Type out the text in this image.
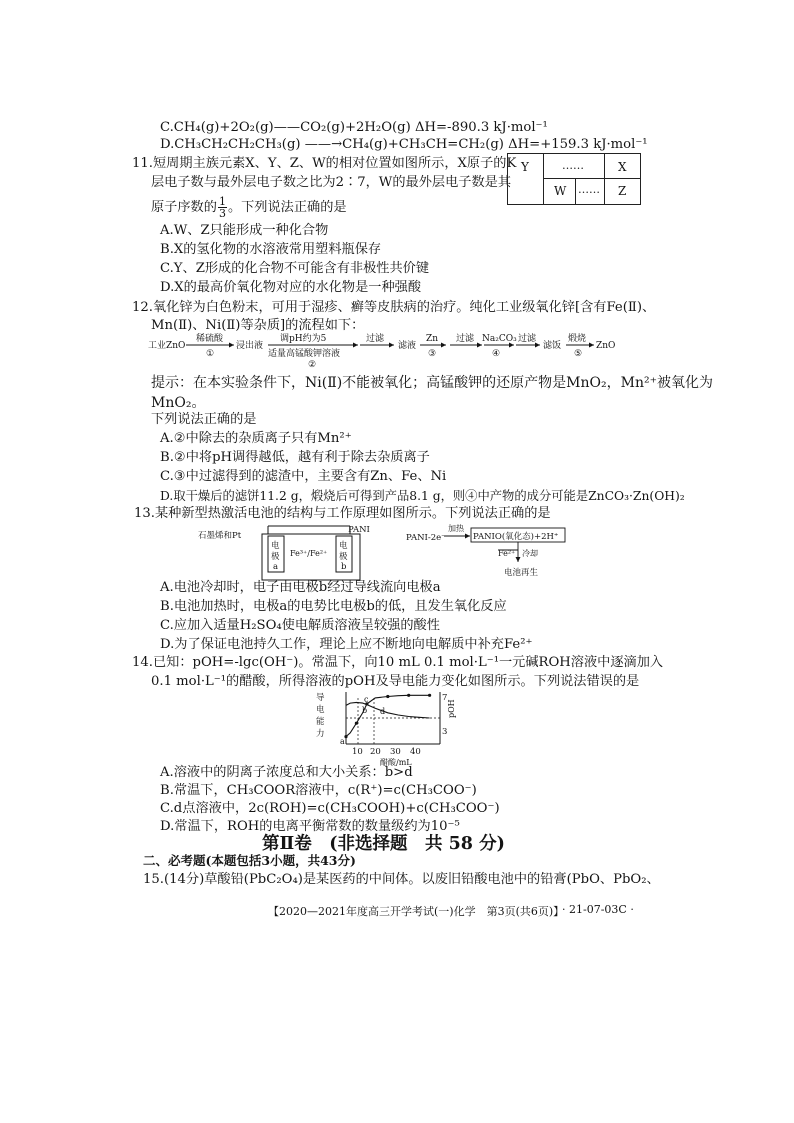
C.CH₄(g)+2O₂(g)——CO₂(g)+2H₂O(g) ΔH=-890.3 kJ·mol⁻¹
D.CH₃CH₂CH₂CH₃(g) ——→CH₄(g)+CH₃CH=CH₂(g) ΔH=+159.3 kJ·mol⁻¹
11.短周期主族元素X、Y、Z、W的相对位置如图所示，X原子的K
层电子数与最外层电子数之比为2∶7，W的最外层电子数是其
原子序数的 $\frac{1}{3}$ 。下列说法正确的是
Y	……	X
W …… Z
A.W、Z只能形成一种化合物
B.X的氢化物的水溶液常用塑料瓶保存
C.Y、Z形成的化合物不可能含有非极性共价键
D.X的最高价氧化物对应的水化物是一种强酸
12.氧化锌为白色粉末，可用于湿疹、癣等皮肤病的治疗。纯化工业级氧化锌[含有Fe(Ⅱ)、
Mn(Ⅱ)、Ni(Ⅱ)等杂质]的流程如下：
工业ZnO
稀硫酸
①
浸出液
调pH约为5
适量高锰酸钾溶液
②
过滤
滤液
Zn
③
过滤 Na₂CO₃
④
过滤
滤饭
煅烧
⑤
ZnO
提示：在本实验条件下，Ni(Ⅱ)不能被氧化；高锰酸钾的还原产物是MnO₂，Mn²⁺被氧化为
MnO₂。
下列说法正确的是
A.②中除去的杂质离子只有Mn²⁺
B.②中将pH调得越低，越有利于除去杂质离子
C.③中过滤得到的滤渣中，主要含有Zn、Fe、Ni
D.取干燥后的滤饼11.2 g，煅烧后可得到产品8.1 g，则④中产物的成分可能是ZnCO₃·Zn(OH)₂
13.某种新型热激活电池的结构与工作原理如图所示。下列说法正确的是
石墨烯和Pt
PANI
电
极
a
电
极
b
Fe³⁺/Fe²⁺
PANI-2e⁻
加热
PANIO(氧化态)+2H⁺
Fe²⁺ 冷却
电池再生
A.电池冷却时，电子由电极b经过导线流向电极a
B.电池加热时，电极a的电势比电极b的低，且发生氧化反应
C.应加入适量H₂SO₄使电解质溶液呈较强的酸性
D.为了保证电池持久工作，理论上应不断地向电解质中补充Fe²⁺
14.已知：pOH=-lgc(OH⁻)。常温下，向10 mL 0.1 mol·L⁻¹一元碱ROH溶液中逐滴加入
0.1 mol·L⁻¹的醋酸，所得溶液的pOH及导电能力变化如图所示。下列说法错误的是
导
电
能
力
a
b
c
d
7
3
pOH
10 20 30 40
醋酸/mL
A.溶液中的阴离子浓度总和大小关系：b>d
B.常温下，CH₃COOR溶液中，c(R⁺)=c(CH₃COO⁻)
C.d点溶液中，2c(ROH)=c(CH₃COOH)+c(CH₃COO⁻)
D.常温下，ROH的电离平衡常数的数量级约为10⁻⁵
第Ⅱ卷　(非选择题　共 58 分)
二、必考题(本题包括3小题，共43分)
15.(14分)草酸铅(PbC₂O₄)是某医药的中间体。以废旧铅酸电池中的铅膏(PbO、PbO₂、
【2020—2021年度高三开学考试(一)化学　第3页(共6页)】
· 21-07-03C ·
